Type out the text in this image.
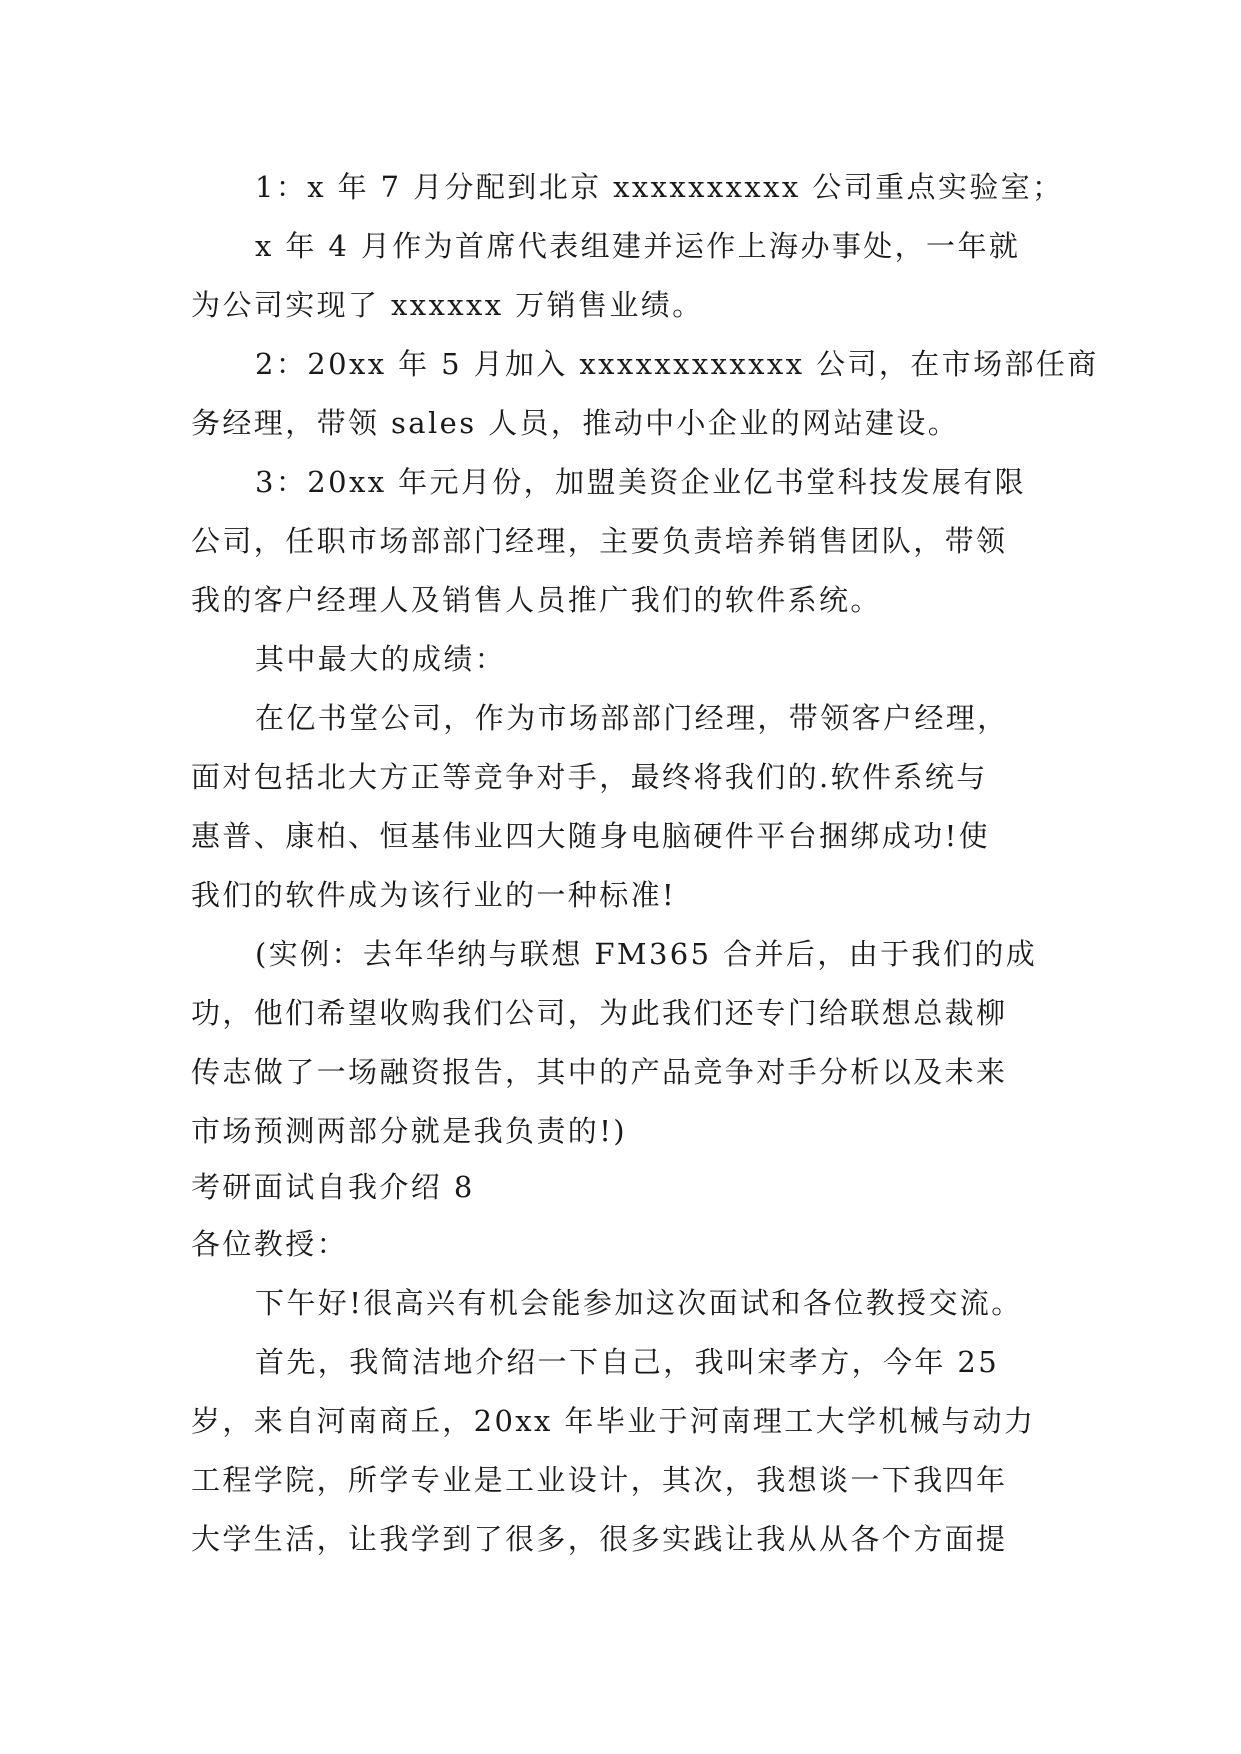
1：x 年 7 月分配到北京 xxxxxxxxxx 公司重点实验室；
x 年 4 月作为首席代表组建并运作上海办事处，一年就
为公司实现了 xxxxxx 万销售业绩。
2：20xx 年 5 月加入 xxxxxxxxxxxx 公司，在市场部任商
务经理，带领 sales 人员，推动中小企业的网站建设。
3：20xx 年元月份，加盟美资企业亿书堂科技发展有限
公司，任职市场部部门经理，主要负责培养销售团队，带领
我的客户经理人及销售人员推广我们的软件系统。
其中最大的成绩：
在亿书堂公司，作为市场部部门经理，带领客户经理，
面对包括北大方正等竞争对手，最终将我们的.软件系统与
惠普、康柏、恒基伟业四大随身电脑硬件平台捆绑成功!使
我们的软件成为该行业的一种标准!
(实例：去年华纳与联想 FM365 合并后，由于我们的成
功，他们希望收购我们公司，为此我们还专门给联想总裁柳
传志做了一场融资报告，其中的产品竞争对手分析以及未来
市场预测两部分就是我负责的!)
考研面试自我介绍 8
各位教授：
下午好!很高兴有机会能参加这次面试和各位教授交流。
首先，我简洁地介绍一下自己，我叫宋孝方，今年 25
岁，来自河南商丘，20xx 年毕业于河南理工大学机械与动力
工程学院，所学专业是工业设计，其次，我想谈一下我四年
大学生活，让我学到了很多，很多实践让我从从各个方面提
